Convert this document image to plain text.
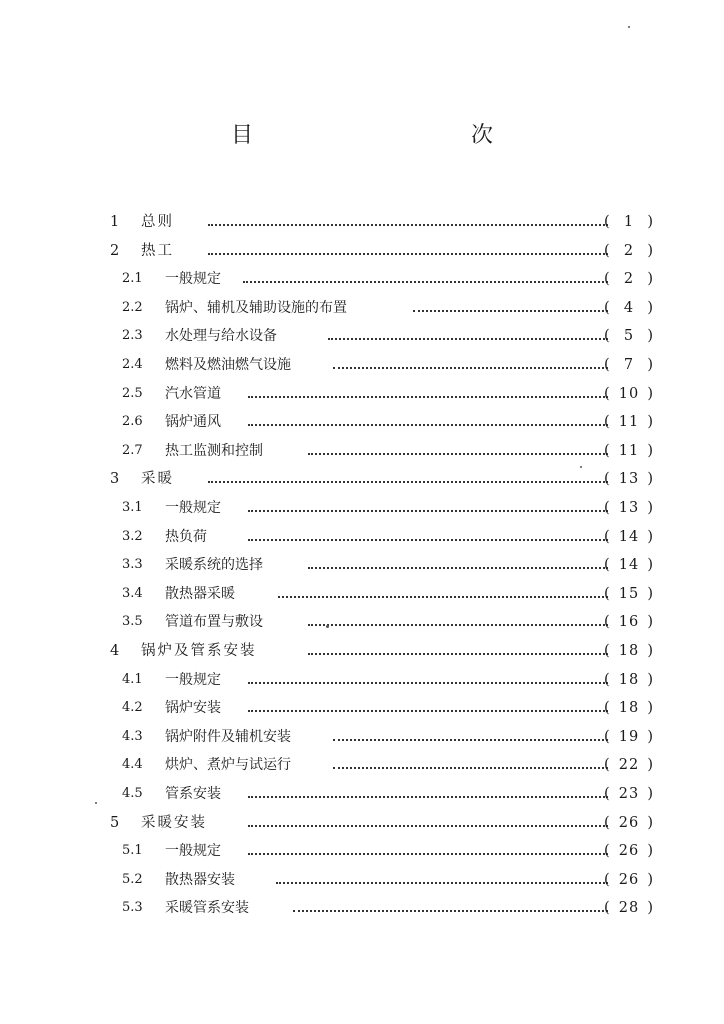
目　　次
1 总则	( 1 )
2 热工	( 2 )
2.1 一般规定	( 2 )
2.2 锅炉、辅机及辅助设施的布置	( 4 )
2.3 水处理与给水设备	( 5 )
2.4 燃料及燃油燃气设施	( 7 )
2.5 汽水管道	( 10 )
2.6 锅炉通风	( 11 )
2.7 热工监测和控制	( 11 )
3 采暖	( 13 )
3.1 一般规定	( 13 )
3.2 热负荷	( 14 )
3.3 采暖系统的选择	( 14 )
3.4 散热器采暖	( 15 )
3.5 管道布置与敷设	( 16 )
4 锅炉及管系安装	( 18 )
4.1 一般规定	( 18 )
4.2 锅炉安装	( 18 )
4.3 锅炉附件及辅机安装	( 19 )
4.4 烘炉、煮炉与试运行	( 22 )
4.5 管系安装	( 23 )
5 采暖安装	( 26 )
5.1 一般规定	( 26 )
5.2 散热器安装	( 26 )
5.3 采暖管系安装	( 28 )
